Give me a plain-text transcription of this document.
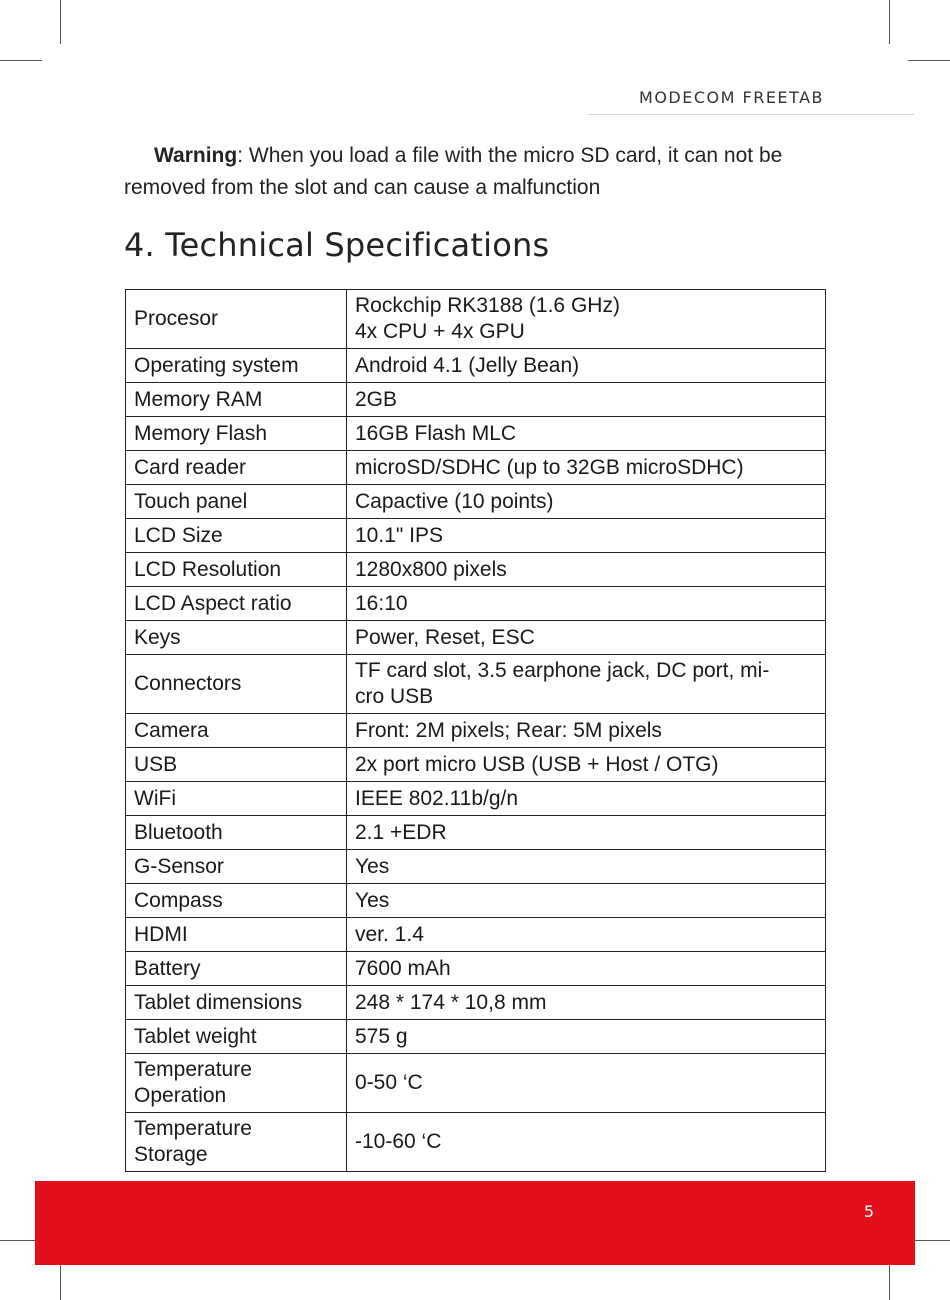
MODECOM FREETAB

Warning: When you load a file with the micro SD card, it can not be removed from the slot and can cause a malfunction

4. Technical Specifications
Procesor	Rockchip RK3188 (1.6 GHz)
4x CPU + 4x GPU

Operating system	Android 4.1 (Jelly Bean)

Memory RAM	2GB

Memory Flash	16GB Flash MLC

Card reader	microSD/SDHC (up to 32GB microSDHC)

Touch panel	Capactive (10 points)

LCD Size	10.1" IPS

LCD Resolution	1280x800 pixels

LCD Aspect ratio	16:10

Keys	Power, Reset, ESC

Connectors	TF card slot, 3.5 earphone jack, DC port, mi-
cro USB

Camera	Front: 2M pixels; Rear: 5M pixels

USB	2x port micro USB (USB + Host / OTG)

WiFi	IEEE 802.11b/g/n

Bluetooth	2.1 +EDR

G-Sensor	Yes

Compass	Yes

HDMI	ver. 1.4

Battery	7600 mAh

Tablet dimensions	248 * 174 * 10,8 mm

Tablet weight	575 g

Temperature
Operation	0-50 ‘C

Temperature
Storage	-10-60 ‘C
5
